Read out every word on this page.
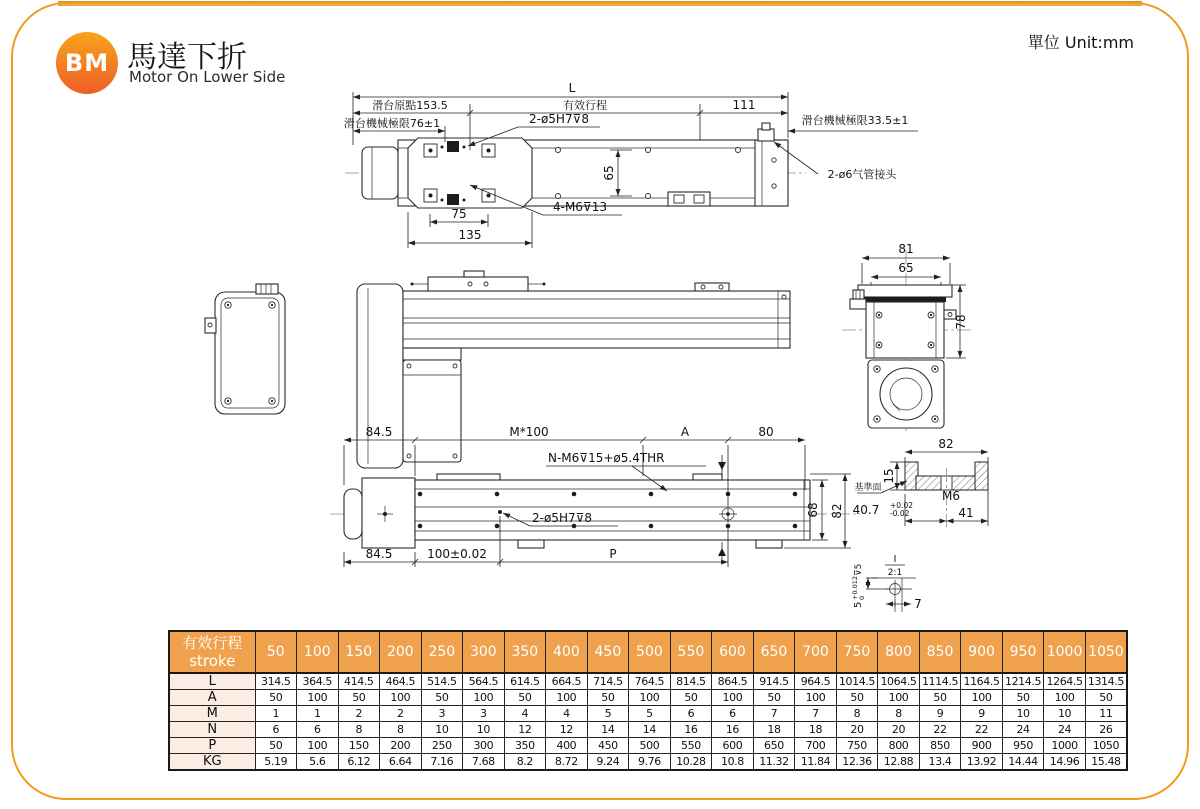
BM 馬達下折
Motor On Lower Side
單位 Unit:mm
L
滑台原點153.5	有效行程	111
滑台機械極限76±1	滑台機械極限33.5±1
2-ø5H7⊽8
65
75
135
4-M6⊽13
2-ø6气管接头
81
65
78
84.5	M*100	A	80
N-M6⊽15+ø5.4THR
2-ø5H7⊽8
68 82
84.5	100±0.02	P
82
15
基準面
M6
40.7 +0.02
-0.02	41
I
2:1
5
+0.012 0
⊽5
7
有效行程
stroke	50	100	150	200	250	300	350	400	450	500	550	600	650	700	750	800	850	900	950	1000	1050
L	314.5	364.5	414.5	464.5	514.5	564.5	614.5	664.5	714.5	764.5	814.5	864.5	914.5	964.5	1014.5	1064.5	1114.5	1164.5	1214.5	1264.5	1314.5
A	50	100	50	100	50	100	50	100	50	100	50	100	50	100	50	100	50	100	50	100	50
M	1	1	2	2	3	3	4	4	5	5	6	6	7	7	8	8	9	9	10	10	11
N	6	6	8	8	10	10	12	12	14	14	16	16	18	18	20	20	22	22	24	24	26
P	50	100	150	200	250	300	350	400	450	500	550	600	650	700	750	800	850	900	950	1000	1050
KG	5.19	5.6	6.12	6.64	7.16	7.68	8.2	8.72	9.24	9.76	10.28	10.8	11.32	11.84	12.36	12.88	13.4	13.92	14.44	14.96	15.48
